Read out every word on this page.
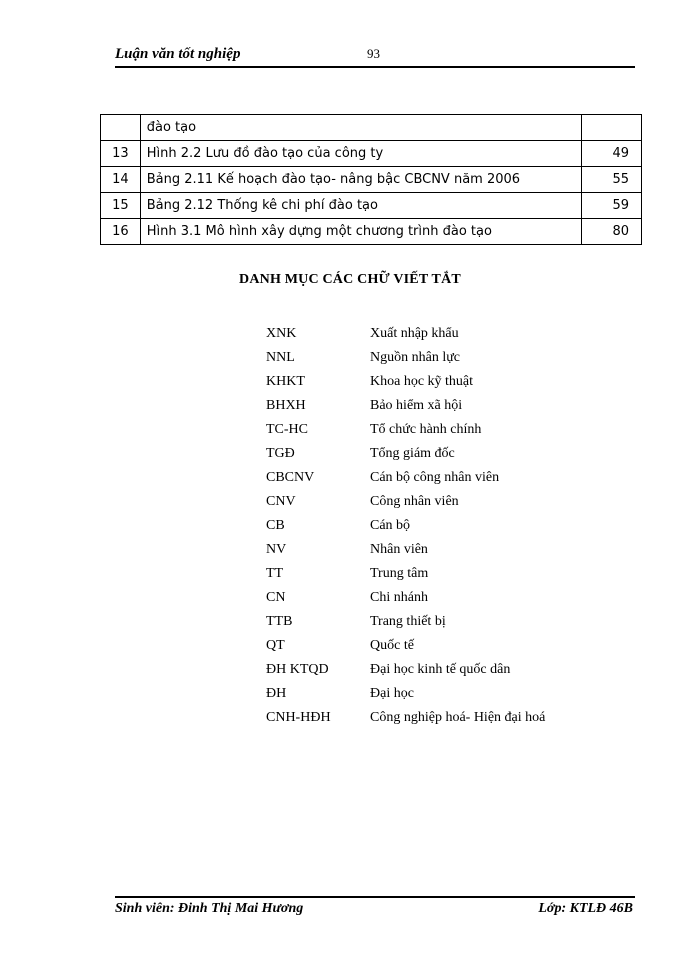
Luận văn tốt nghiệp	93
	đào tạo	
13	Hình 2.2 Lưu đồ đào tạo của công ty	49
14	Bảng 2.11 Kế hoạch đào tạo- nâng bậc CBCNV năm 2006	55
15	Bảng 2.12 Thống kê chi phí đào tạo	59
16	Hình 3.1 Mô hình xây dựng một chương trình đào tạo	80
DANH MỤC CÁC CHỮ VIẾT TẮT
XNK	Xuất nhập khẩu
NNL	Nguồn nhân lực
KHKT	Khoa học kỹ thuật
BHXH	Bảo hiểm xã hội
TC-HC	Tổ chức hành chính
TGĐ	Tổng giám đốc
CBCNV	Cán bộ công nhân viên
CNV	Công nhân viên
CB	Cán bộ
NV	Nhân viên
TT	Trung tâm
CN	Chi nhánh
TTB	Trang thiết bị
QT	Quốc tế
ĐH KTQD	Đại học kinh tế quốc dân
ĐH	Đại học
CNH-HĐH	Công nghiệp hoá- Hiện đại hoá
Sinh viên: Đinh Thị Mai Hương	Lớp: KTLĐ 46B
